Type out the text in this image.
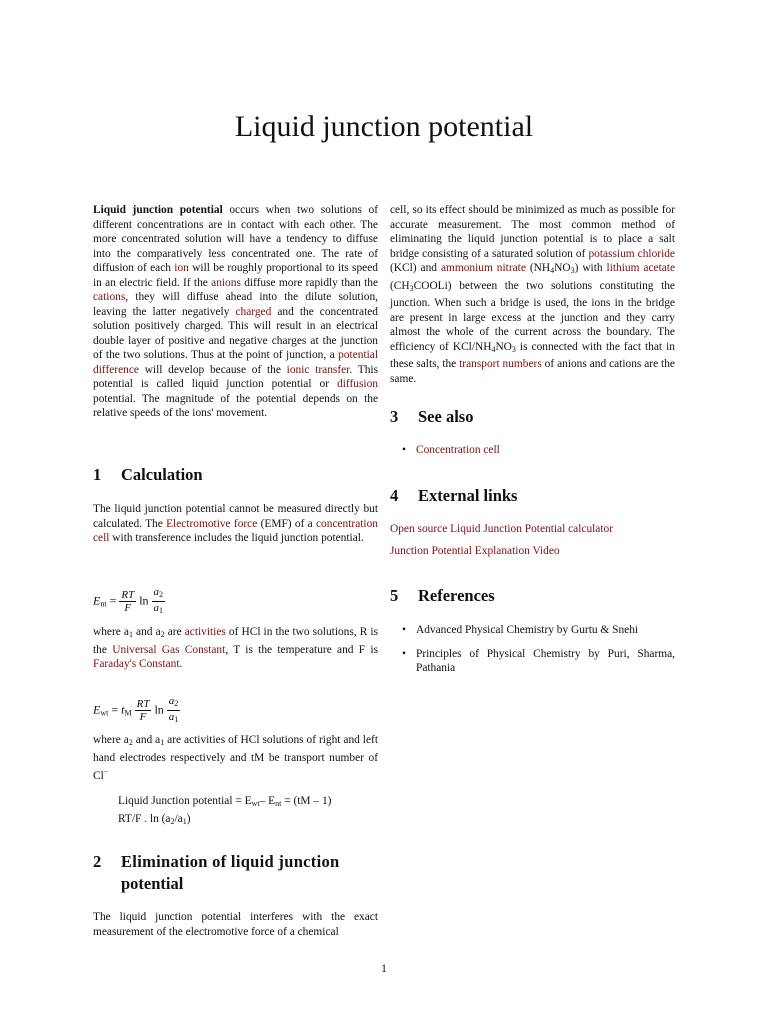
Liquid junction potential

Liquid junction potential occurs when two solutions of different concentrations are in contact with each other. The more concentrated solution will have a tendency to diffuse into the comparatively less concentrated one. The rate of diffusion of each ion will be roughly proportional to its speed in an electric field. If the anions diffuse more rapidly than the cations, they will diffuse ahead into the dilute solution, leaving the latter negatively charged and the concentrated solution positively charged. This will result in an electrical double layer of positive and negative charges at the junction of the two solutions. Thus at the point of junction, a potential difference will develop because of the ionic transfer. This potential is called liquid junction potential or diffusion potential. The magnitude of the potential depends on the relative speeds of the ions' movement.

1 Calculation

The liquid junction potential cannot be measured directly but calculated. The Electromotive force (EMF) of a concentration cell with transference includes the liquid junction potential.

$E_{nt} = \frac{RT}{F}$ $\ln \frac{a_2}{a_1}$

where $a_1$ and $a_2$ are activities of HCl in the two solutions, R is the Universal Gas Constant, T is the temperature and F is Faraday's Constant.

$E_{wt} = t_M \frac{RT}{F}$ $\ln \frac{a_2}{a_1}$

where $a_2$ and $a_1$ are activities of HCl solutions of right and left hand electrodes respectively and tM be transport number of Cl−

Liquid Junction potential = $E_{wt}-$ $E_{nt} = (tM - 1)$
RT/F . $\ln (a_2/a_1)$

2 Elimination of liquid junction
potential

The liquid junction potential interferes with the exact measurement of the electromotive force of a chemical

cell, so its effect should be minimized as much as possible for accurate measurement. The most common method of eliminating the liquid junction potential is to place a salt bridge consisting of a saturated solution of potassium chloride (KCl) and ammonium nitrate $(NH_4NO_3)$ with lithium acetate $(CH_3COOLi)$ between the two solutions constituting the junction. When such a bridge is used, the ions in the bridge are present in large excess at the junction and they carry almost the whole of the current across the boundary. The efficiency of KCl/$NH_4NO_3$ is connected with the fact that in these salts, the transport numbers of anions and cations are the same.

3 See also
• Concentration cell
4 External links

Open source Liquid Junction Potential calculator

Junction Potential Explanation Video

5 References
• Advanced Physical Chemistry by Gurtu & Snehi
• Principles of Physical Chemistry by Puri, Sharma, Pathania
1
